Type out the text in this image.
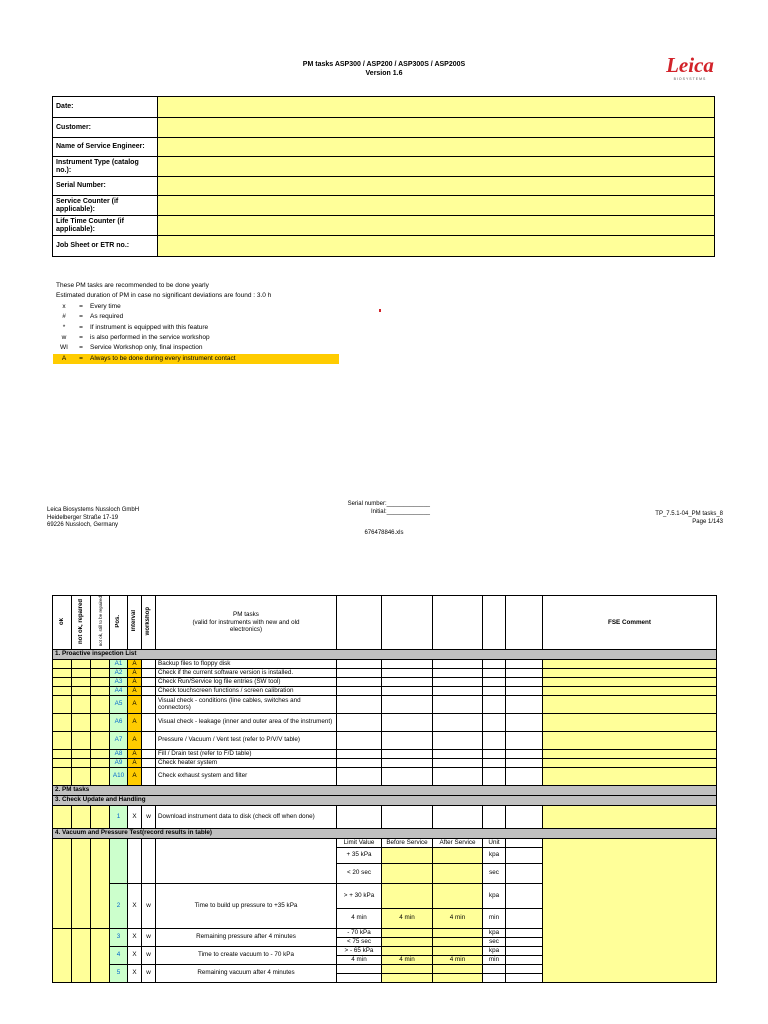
PM tasks ASP300 / ASP200 / ASP300S / ASP200S
Version 1.6	Leica
BIOSYSTEMS
Date:	
Customer:	
Name of Service Engineer:	
Instrument Type (catalog no.):	
Serial Number:	
Service Counter (if applicable):	
Life Time Counter (if applicable):	
Job Sheet or ETR no.:	
These PM tasks are recommended to be done yearly
Estimated duration of PM in case no significant deviations are found : 3.0 h
x	=	Every time
#	=	As required
*	=	If instrument is equipped with this feature
w	=	is also performed in the service workshop
WI	=	Service Workshop only, final inspection
A	=	Always to be done during every instrument contact
Leica Biosystems Nussloch GmbH
Heidelberger Straße 17-19
69226 Nussloch, Germany
Serial number:_____________
Initial:_____________
676478846.xls
TP_7.5.1-04_PM tasks_8
Page 1/143
ok	not ok, repaired	not ok, still to be repaired	Pos.	interval	workshop	PM tasks
(valid for instruments with new and old electronics)						FSE Comment
1. Proactive inspection List												
			A1	A		Backup files to floppy disk						
			A2	A		Check if the current software version is installed.						
			A3	A		Check Run/Service log file entries (SW tool)						
			A4	A		Check touchscreen functions / screen calibration						
			A5	A		Visual check - conditions (line cables, switches and connectors)						
			A6	A		Visual check - leakage (inner and outer area of the instrument)						
			A7	A		Pressure / Vacuum / Vent test (refer to P/V/V table)						
			A8	A		Fill / Drain test (refer to F/D table)						
			A9	A		Check heater system						
			A10	A		Check exhaust system and filter						
2. PM tasks												
3. Check Update and Handling												
			1	X	w	Download instrument data to disk (check off when done)						
4. Vacuum and Pressure Test(record results in table)												
							Limit Value	Before Service	After Service	Unit		
							+ 35 kPa			kpa		
							< 20 sec			sec		
			2	X	w	Time to build up pressure to +35 kPa	> + 30 kPa			kpa		
							4 min	4 min	4 min	min		
			3	X	w	Remaining pressure after 4 minutes	- 70 kPa			kpa		
							< 75 sec			sec		
			4	X	w	Time to create vacuum to - 70 kPa	> - 65 kPa			kpa		
							4 min	4 min	4 min	min		
			5	X	w	Remaining vacuum after 4 minutes						
